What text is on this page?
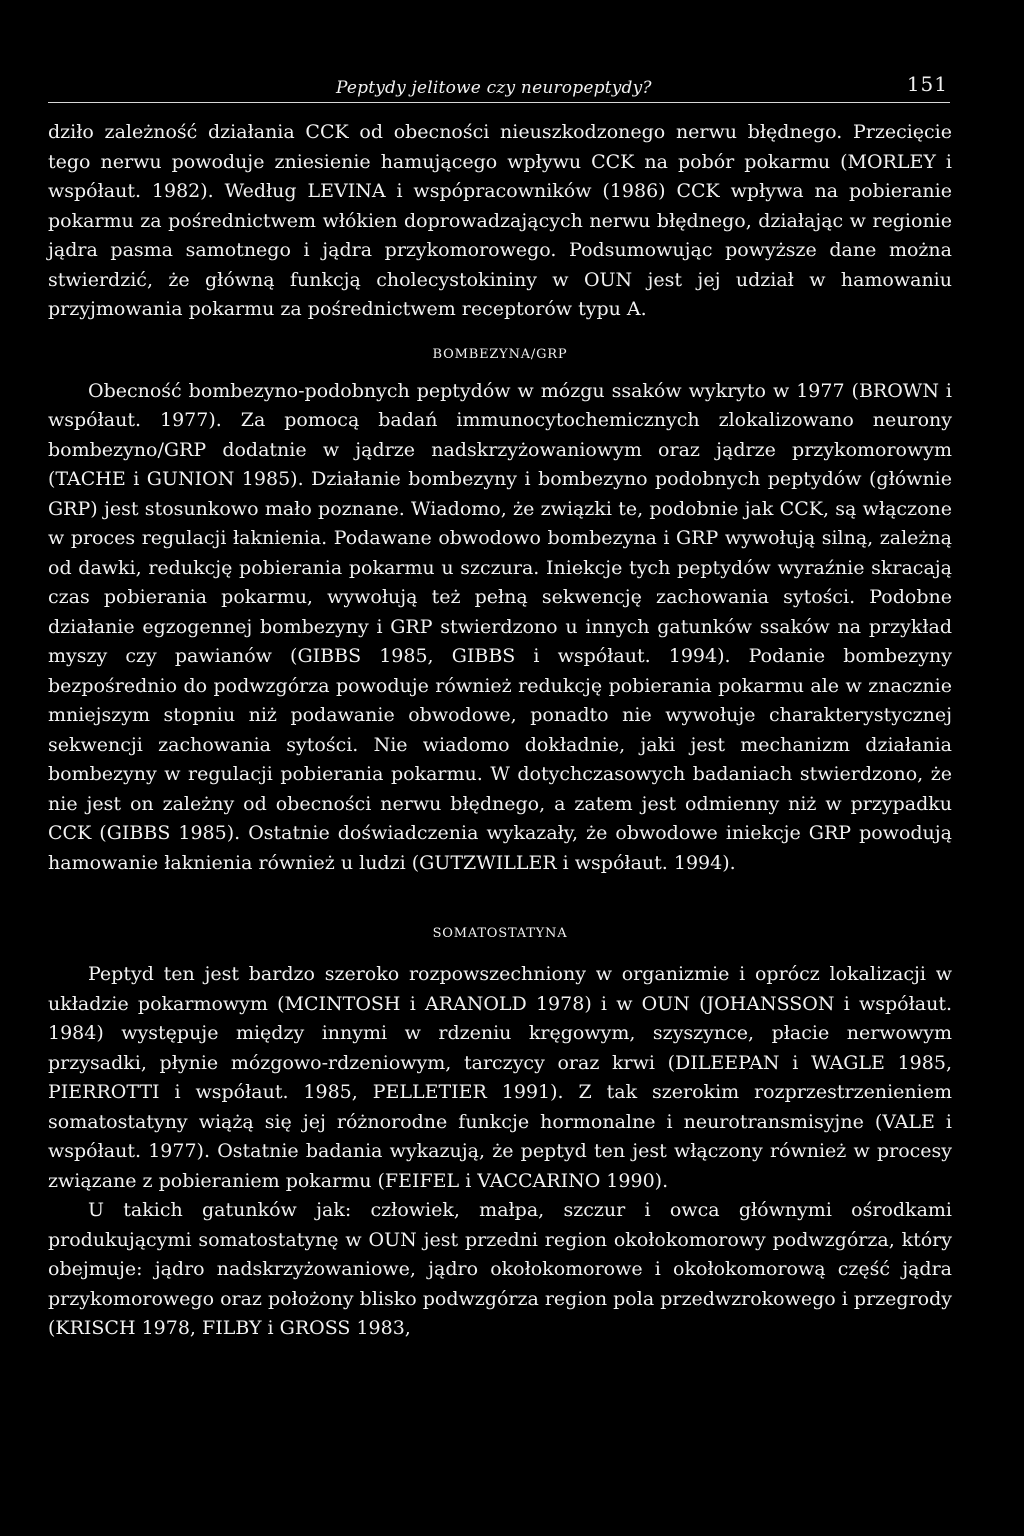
Peptydy jelitowe czy neuropeptydy?	151

dziło zależność działania CCK od obecności nieuszkodzonego nerwu błędnego. Przecięcie tego nerwu powoduje zniesienie hamującego wpływu CCK na pobór pokarmu (MORLEY i współaut. 1982). Według LEVINA i wspópracowników (1986) CCK wpływa na pobieranie pokarmu za pośrednictwem włókien doprowadzających nerwu błędnego, działając w regionie jądra pasma samotnego i jądra przykomorowego. Podsumowując powyższe dane można stwierdzić, że główną funkcją cholecystokininy w OUN jest jej udział w hamowaniu przyjmowania pokarmu za pośrednictwem receptorów typu A.

BOMBEZYNA/GRP

Obecność bombezyno-podobnych peptydów w mózgu ssaków wykryto w 1977 (BROWN i współaut. 1977). Za pomocą badań immunocytochemicznych zlokalizowano neurony bombezyno/GRP dodatnie w jądrze nadskrzyżowaniowym oraz jądrze przykomorowym (TACHE i GUNION 1985). Działanie bombezyny i bombezyno podobnych peptydów (głównie GRP) jest stosunkowo mało poznane. Wiadomo, że związki te, podobnie jak CCK, są włączone w proces regulacji łaknienia. Podawane obwodowo bombezyna i GRP wywołują silną, zależną od dawki, redukcję pobierania pokarmu u szczura. Iniekcje tych peptydów wyraźnie skracają czas pobierania pokarmu, wywołują też pełną sekwencję zachowania sytości. Podobne działanie egzogennej bombezyny i GRP stwierdzono u innych gatunków ssaków na przykład myszy czy pawianów (GIBBS 1985, GIBBS i współaut. 1994). Podanie bombezyny bezpośrednio do podwzgórza powoduje również redukcję pobierania pokarmu ale w znacznie mniejszym stopniu niż podawanie obwodowe, ponadto nie wywołuje charakterystycznej sekwencji zachowania sytości. Nie wiadomo dokładnie, jaki jest mechanizm działania bombezyny w regulacji pobierania pokarmu. W dotychczasowych badaniach stwierdzono, że nie jest on zależny od obecności nerwu błędnego, a zatem jest odmienny niż w przypadku CCK (GIBBS 1985). Ostatnie doświadczenia wykazały, że obwodowe iniekcje GRP powodują hamowanie łaknienia również u ludzi (GUTZWILLER i współaut. 1994).

SOMATOSTATYNA

Peptyd ten jest bardzo szeroko rozpowszechniony w organizmie i oprócz lokalizacji w układzie pokarmowym (MCINTOSH i ARANOLD 1978) i w OUN (JOHANSSON i współaut. 1984) występuje między innymi w rdzeniu kręgowym, szyszynce, płacie nerwowym przysadki, płynie mózgowo-rdzeniowym, tarczycy oraz krwi (DILEEPAN i WAGLE 1985, PIERROTTI i współaut. 1985, PELLETIER 1991). Z tak szerokim rozprzestrzenieniem somatostatyny wiążą się jej różnorodne funkcje hormonalne i neurotransmisyjne (VALE i współaut. 1977). Ostatnie badania wykazują, że peptyd ten jest włączony również w procesy związane z pobieraniem pokarmu (FEIFEL i VACCARINO 1990).

U takich gatunków jak: człowiek, małpa, szczur i owca głównymi ośrodkami produkującymi somatostatynę w OUN jest przedni region okołokomorowy podwzgórza, który obejmuje: jądro nadskrzyżowaniowe, jądro okołokomorowe i okołokomorową część jądra przykomorowego oraz położony blisko podwzgórza region pola przedwzrokowego i przegrody (KRISCH 1978, FILBY i GROSS 1983,
